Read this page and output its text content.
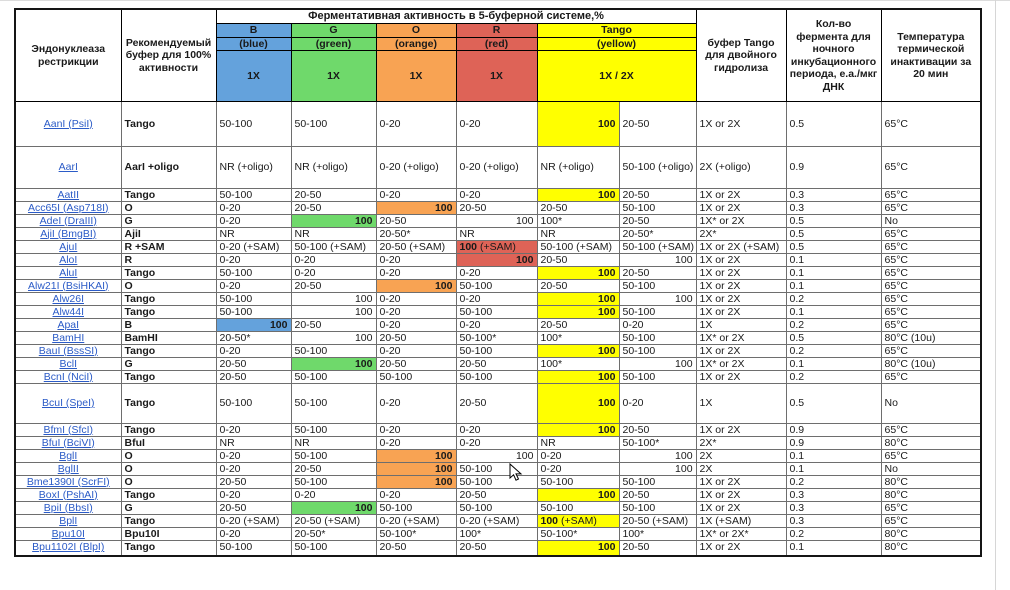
Эндонуклеаза рестрикции	Рекомендуемый буфер для 100% активности	Ферментативная активность в 5-буферной системе,%						буфер Tango для двойного гидролиза	Кол-во фермента для ночного инкубационного периода, е.а./мкг ДНК	Температура термической инактивации за 20 мин
		B	G	O	R	Tango				
		(blue)	(green)	(orange)	(red)	(yellow)				
		1X	1X	1X	1X	1X / 2X				
AanI (PsiI)	Tango	50-100	50-100	0-20	0-20	100	20-50	1X or 2X	0.5	65°C
AarI	AarI +oligo	NR (+oligo)	NR (+oligo)	0-20 (+oligo)	0-20 (+oligo)	NR (+oligo)	50-100 (+oligo)	2X (+oligo)	0.9	65°C
AatII	Tango	50-100	20-50	0-20	0-20	100	20-50	1X or 2X	0.3	65°C
Acc65I (Asp718I)	O	0-20	20-50	100	20-50	20-50	50-100	1X or 2X	0.3	65°C
AdeI (DraIII)	G	0-20	100	20-50	100	100*	20-50	1X* or 2X	0.5	No
AjiI (BmgBI)	AjiI	NR	NR	20-50*	NR	NR	20-50*	2X*	0.5	65°C
AjuI	R +SAM	0-20 (+SAM)	50-100 (+SAM)	20-50 (+SAM)	100 (+SAM)	50-100 (+SAM)	50-100 (+SAM)	1X or 2X (+SAM)	0.5	65°C
AloI	R	0-20	0-20	0-20	100	20-50	100	1X or 2X	0.1	65°C
AluI	Tango	50-100	0-20	0-20	0-20	100	20-50	1X or 2X	0.1	65°C
Alw21I (BsiHKAI)	O	0-20	20-50	100	50-100	20-50	50-100	1X or 2X	0.1	65°C
Alw26I	Tango	50-100	100	0-20	0-20	100	100	1X or 2X	0.2	65°C
Alw44I	Tango	50-100	100	0-20	50-100	100	50-100	1X or 2X	0.1	65°C
ApaI	B	100	20-50	0-20	0-20	20-50	0-20	1X	0.2	65°C
BamHI	BamHI	20-50*	100	20-50	50-100*	100*	50-100	1X* or 2X	0.5	80°C (10u)
BauI (BssSI)	Tango	0-20	50-100	0-20	50-100	100	50-100	1X or 2X	0.2	65°C
BclI	G	20-50	100	20-50	20-50	100*	100	1X* or 2X	0.1	80°C (10u)
BcnI (NciI)	Tango	20-50	50-100	50-100	50-100	100	50-100	1X or 2X	0.2	65°C
BcuI (SpeI)	Tango	50-100	50-100	0-20	20-50	100	0-20	1X	0.5	No
BfmI (SfcI)	Tango	0-20	50-100	0-20	0-20	100	20-50	1X or 2X	0.9	65°C
BfuI (BciVI)	BfuI	NR	NR	0-20	0-20	NR	50-100*	2X*	0.9	80°C
BglI	O	0-20	50-100	100	100	0-20	100	2X	0.1	65°C
BglII	O	0-20	20-50	100	50-100	0-20	100	2X	0.1	No
Bme1390I (ScrFI)	O	20-50	50-100	100	50-100	50-100	50-100	1X or 2X	0.2	80°C
BoxI (PshAI)	Tango	0-20	0-20	0-20	20-50	100	20-50	1X or 2X	0.3	80°C
BpiI (BbsI)	G	20-50	100	50-100	50-100	50-100	50-100	1X or 2X	0.3	65°C
BplI	Tango	0-20 (+SAM)	20-50 (+SAM)	0-20 (+SAM)	0-20 (+SAM)	100 (+SAM)	20-50 (+SAM)	1X (+SAM)	0.3	65°C
Bpu10I	Bpu10I	0-20	20-50*	50-100*	100*	50-100*	100*	1X* or 2X*	0.2	80°C
Bpu1102I (BlpI)	Tango	50-100	50-100	20-50	20-50	100	20-50	1X or 2X	0.1	80°C
